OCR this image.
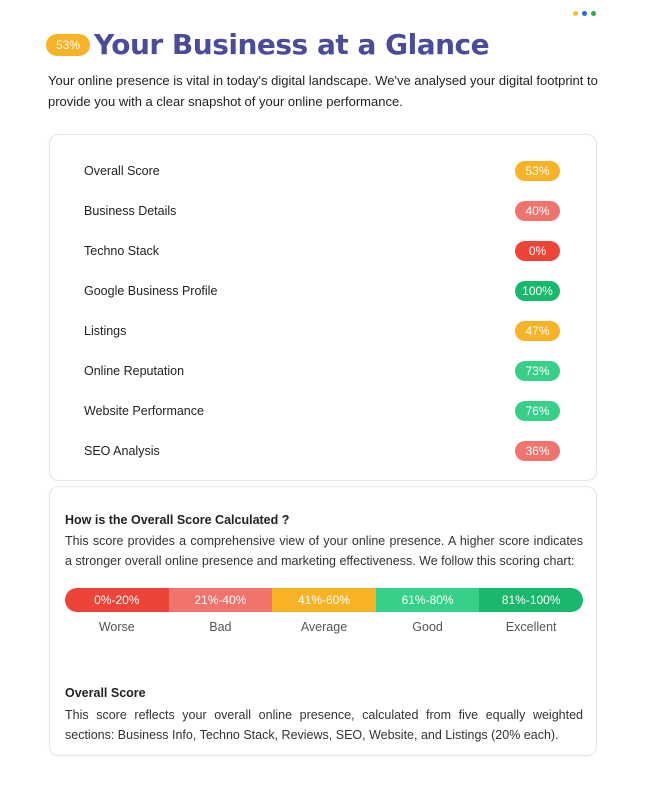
53% Your Business at a Glance

Your online presence is vital in today's digital landscape. We've analysed your digital footprint to provide you with a clear snapshot of your online performance.

Overall Score	53%
Business Details	40%
Techno Stack	0%
Google Business Profile	100%
Listings	47%
Online Reputation	73%
Website Performance	76%
SEO Analysis	36%
How is the Overall Score Calculated ?

This score provides a comprehensive view of your online presence. A higher score indicates a stronger overall online presence and marketing effectiveness. We follow this scoring chart:

0%-20%	21%-40%	41%-60%	61%-80%	81%-100%
Worse	Bad	Average	Good	Excellent
Overall Score

This score reflects your overall online presence, calculated from five equally weighted sections: Business Info, Techno Stack, Reviews, SEO, Website, and Listings (20% each).
